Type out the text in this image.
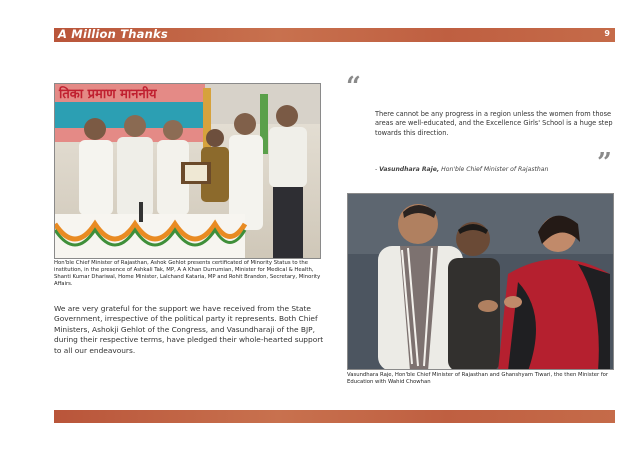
A Million Thanks	9
तिका प्रमाण माननीय
Hon'ble Chief Minister of Rajasthan, Ashok Gehlot presents certificated of Minority Status to the institution, in the presence of Ashkali Tak, MP, A A Khan Durrumian, Minister for Medical & Health, Shanti Kumar Dhariwal, Home Minister, Lalchand Kataria, MP and Rohit Brandon, Secretary, Minority Affairs.
We are very grateful for the support we have received from the State Government, irrespective of the political party it represents. Both Chief Ministers, Ashokji Gehlot of the Congress, and Vasundharaji of the BJP, during their respective terms, have pledged their whole-hearted support to all our endeavours.
“
There cannot be any progress in a region unless the women from those areas are well-educated, and the Excellence Girls' School is a huge step towards this direction.
”
- Vasundhara Raje, Hon'ble Chief Minister of Rajasthan
Vasundhara Raje, Hon'ble Chief Minister of Rajasthan and Ghanshyam Tiwari, the then Minister for Education with Wahid Chowhan
